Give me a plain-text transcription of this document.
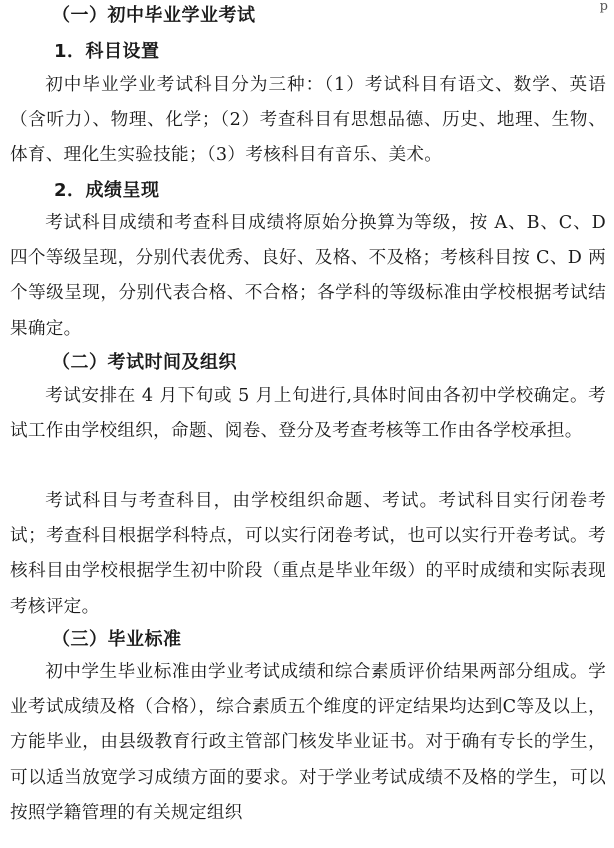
p
（一）初中毕业学业考试
1．科目设置

初中毕业学业考试科目分为三种：（1）考试科目有语文、数学、英语（含听力）、物理、化学；（2）考查科目有思想品德、历史、地理、生物、体育、理化生实验技能；（3）考核科目有音乐、美术。

2．成绩呈现

考试科目成绩和考查科目成绩将原始分换算为等级，按 A、B、C、D 四个等级呈现，分别代表优秀、良好、及格、不及格；考核科目按 C、D 两个等级呈现，分别代表合格、不合格；各学科的等级标准由学校根据考试结果确定。

（二）考试时间及组织

考试安排在 4 月下旬或 5 月上旬进行,具体时间由各初中学校确定。考试工作由学校组织，命题、阅卷、登分及考查考核等工作由各学校承担。

考试科目与考查科目，由学校组织命题、考试。考试科目实行闭卷考试；考查科目根据学科特点，可以实行闭卷考试，也可以实行开卷考试。考核科目由学校根据学生初中阶段（重点是毕业年级）的平时成绩和实际表现考核评定。

（三）毕业标准

初中学生毕业标准由学业考试成绩和综合素质评价结果两部分组成。学业考试成绩及格（合格），综合素质五个维度的评定结果均达到C等及以上，方能毕业，由县级教育行政主管部门核发毕业证书。对于确有专长的学生，可以适当放宽学习成绩方面的要求。对于学业考试成绩不及格的学生，可以按照学籍管理的有关规定组织
